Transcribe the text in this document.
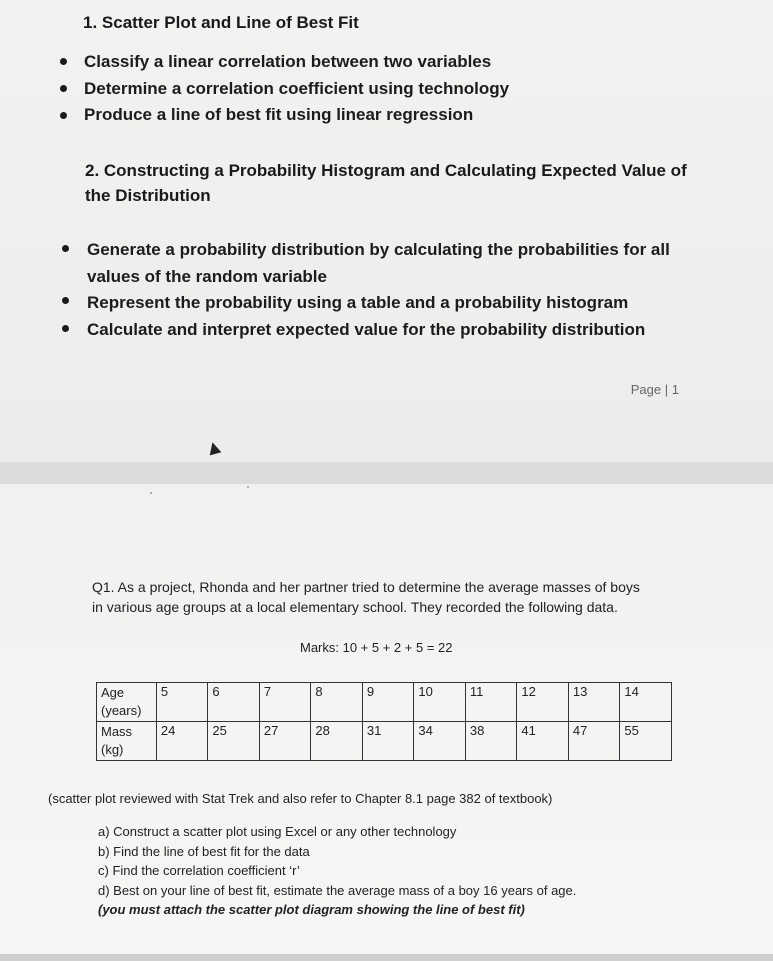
1. Scatter Plot and Line of Best Fit
Classify a linear correlation between two variables
Determine a correlation coefficient using technology
Produce a line of best fit using linear regression
2. Constructing a Probability Histogram and Calculating Expected Value of
the Distribution
Generate a probability distribution by calculating the probabilities for all
values of the random variable
Represent the probability using a table and a probability histogram
Calculate and interpret expected value for the probability distribution
Page | 1
Q1. As a project, Rhonda and her partner tried to determine the average masses of boys
in various age groups at a local elementary school. They recorded the following data.
Marks: 10 + 5 + 2 + 5 = 22
Age
(years)	5	6	7	8	9	10	11	12	13	14

Mass
(kg)	24	25	27	28	31	34	38	41	47	55
(scatter plot reviewed with Stat Trek and also refer to Chapter 8.1 page 382 of textbook)
a) Construct a scatter plot using Excel or any other technology
b) Find the line of best fit for the data
c) Find the correlation coefficient ‘r’
d) Best on your line of best fit, estimate the average mass of a boy 16 years of age.
(you must attach the scatter plot diagram showing the line of best fit)
